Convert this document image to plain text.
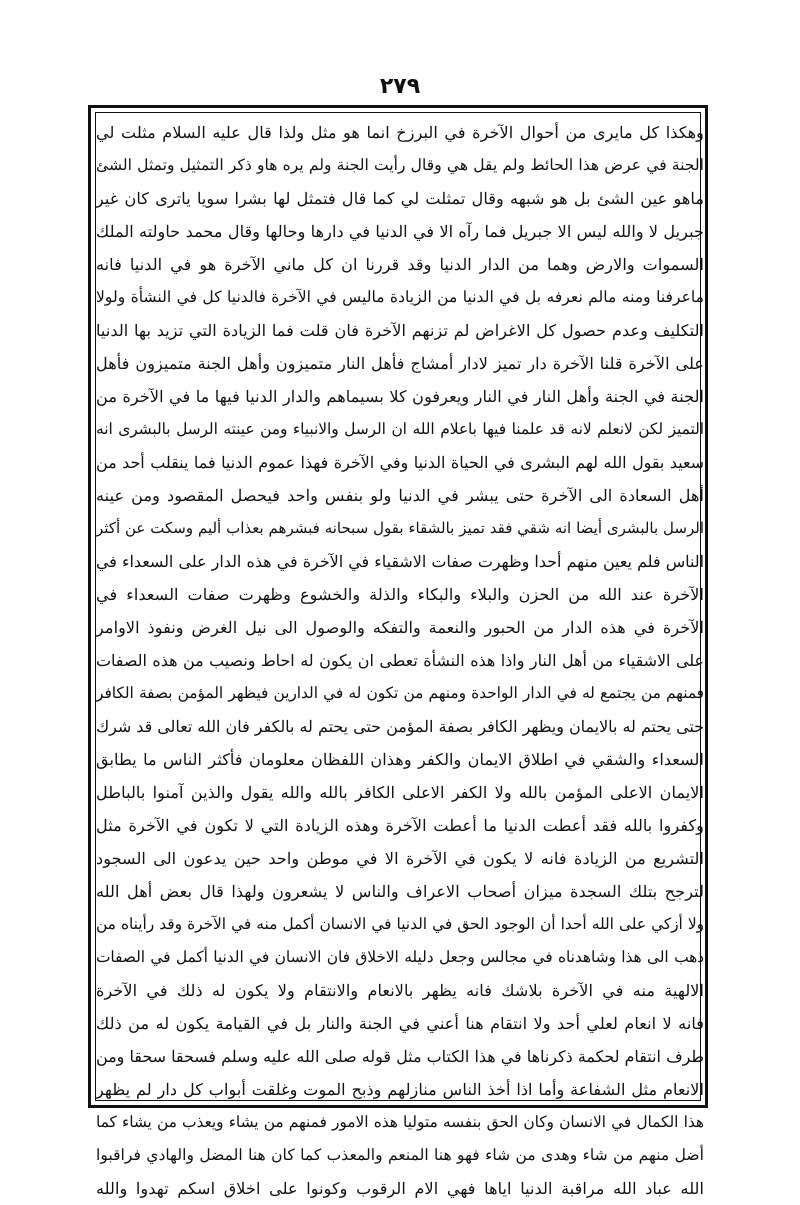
٢٧٩
وهكذا كل مايرى من أحوال الآخرة في البرزخ انما هو مثل ولذا قال عليه السلام مثلت لي
الجنة في عرض هذا الحائط ولم يقل هي وقال رأيت الجنة ولم يره هاو ذكر التمثيل وتمثل الشئ
ماهو عين الشئ بل هو شبهه وقال تمثلت لي كما قال فتمثل لها بشرا سويا ياترى كان غير
جبريل لا والله ليس الا جبريل فما رآه الا في الدنيا في دارها وحالها وقال محمد حاولته الملك
السموات والارض وهما من الدار الدنيا وقد قررنا ان كل ماني الآخرة هو في الدنيا فانه
ماعرفنا ومنه مالم نعرفه بل في الدنيا من الزيادة ماليس في الآخرة فالدنيا كل في النشأة ولولا
التكليف وعدم حصول كل الاغراض لم تزنهم الآخرة فان قلت فما الزيادة التي تزيد بها الدنيا
على الآخرة قلنا الآخرة دار تميز لادار أمشاج فأهل النار متميزون وأهل الجنة متميزون فأهل
الجنة في الجنة وأهل النار في النار ويعرفون كلا بسيماهم والدار الدنيا فيها ما في الآخرة من
التميز لكن لانعلم لانه قد علمنا فيها باعلام الله ان الرسل والانبياء ومن عينته الرسل بالبشرى انه
سعيد بقول الله لهم البشرى في الحياة الدنيا وفي الآخرة فهذا عموم الدنيا فما ينقلب أحد من
أهل السعادة الى الآخرة حتى يبشر في الدنيا ولو بنفس واحد فيحصل المقصود ومن عينه
الرسل بالبشرى أيضا انه شقي فقد تميز بالشقاء بقول سبحانه فبشرهم بعذاب أليم وسكت عن أكثر
الناس فلم يعين منهم أحدا وظهرت صفات الاشقياء في الآخرة في هذه الدار على السعداء في
الآخرة عند الله من الحزن والبلاء والبكاء والذلة والخشوع وظهرت صفات السعداء في
الآخرة في هذه الدار من الحبور والنعمة والتفكه والوصول الى نيل الغرض ونفوذ الاوامر
على الاشقياء من أهل النار واذا هذه النشأة تعطى ان يكون له احاط ونصيب من هذه الصفات
فمنهم من يجتمع له في الدار الواحدة ومنهم من تكون له في الدارين فيظهر المؤمن بصفة الكافر
حتى يحتم له بالايمان ويظهر الكافر بصفة المؤمن حتى يحتم له بالكفر فان الله تعالى قد شرك
السعداء والشقي في اطلاق الايمان والكفر وهذان اللفظان معلومان فأكثر الناس ما يطابق
الايمان الاعلى المؤمن بالله ولا الكفر الاعلى الكافر بالله والله يقول والذين آمنوا بالباطل
وكفروا بالله فقد أعطت الدنيا ما أعطت الآخرة وهذه الزيادة التي لا تكون في الآخرة مثل
التشريع من الزيادة فانه لا يكون في الآخرة الا في موطن واحد حين يدعون الى السجود
لترجح بتلك السجدة ميزان أصحاب الاعراف والناس لا يشعرون ولهذا قال بعض أهل الله
ولا أزكي على الله أحدا أن الوجود الحق في الدنيا في الانسان أكمل منه في الآخرة وقد رأيناه من
ذهب الى هذا وشاهدناه في مجالس وجعل دليله الاخلاق فان الانسان في الدنيا أكمل في الصفات
الالهية منه في الآخرة بلاشك فانه يظهر بالانعام والانتقام ولا يكون له ذلك في الآخرة
فانه لا انعام لعلي أحد ولا انتقام هنا أعني في الجنة والنار بل في القيامة يكون له من ذلك
طرف انتقام لحكمة ذكرناها في هذا الكتاب مثل قوله صلى الله عليه وسلم فسحقا سحقا ومن
الانعام مثل الشفاعة وأما اذا أخذ الناس منازلهم وذبح الموت وغلقت أبواب كل دار لم يظهر
هذا الكمال في الانسان وكان الحق بنفسه متوليا هذه الامور فمنهم من يشاء ويعذب من يشاء كما
أضل منهم من شاء وهدى من شاء فهو هنا المنعم والمعذب كما كان هنا المضل والهادي فراقبوا
الله عباد الله مراقبة الدنيا اياها فهي الام الرقوب وكونوا على اخلاق اسكم تهدوا والله
